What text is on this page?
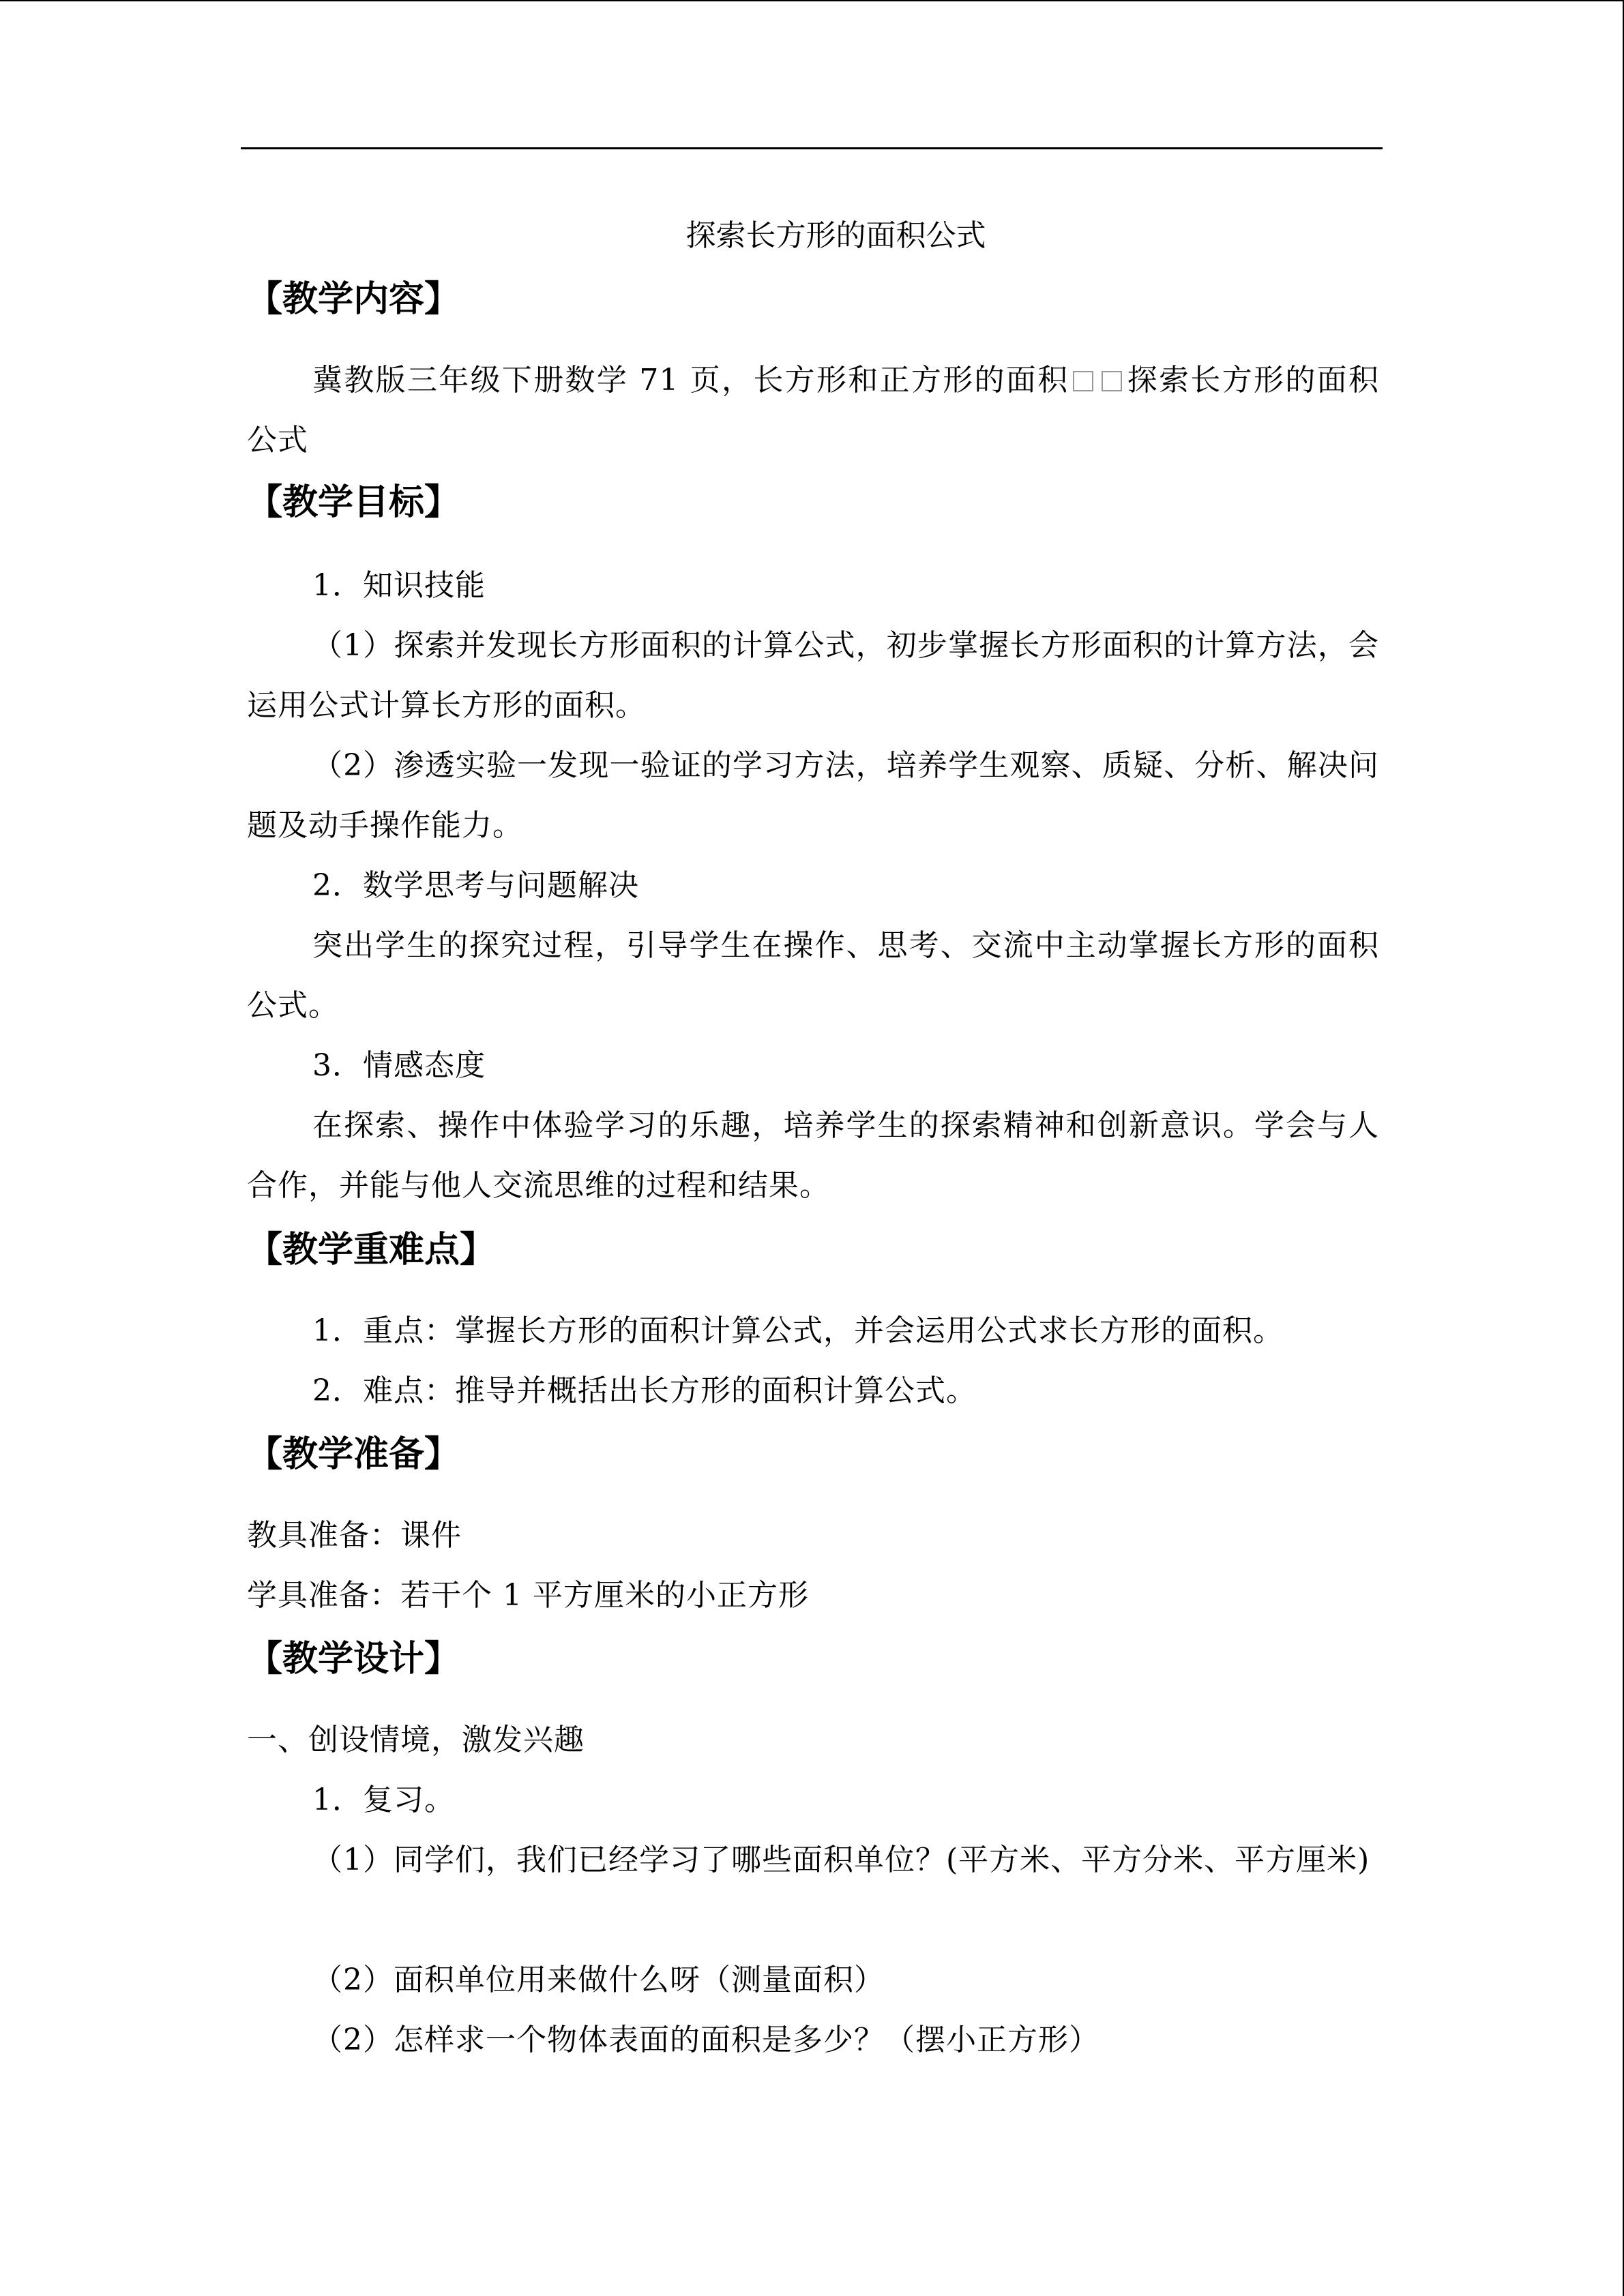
探索长方形的面积公式
【教学内容】
冀教版三年级下册数学 71 页，长方形和正方形的面积 探索长方形的面积公式
【教学目标】
1．知识技能
（1）探索并发现长方形面积的计算公式，初步掌握长方形面积的计算方法，会运用公式计算长方形的面积。
（2）渗透实验一发现一验证的学习方法，培养学生观察、质疑、分析、解决问题及动手操作能力。
2．数学思考与问题解决
突出学生的探究过程，引导学生在操作、思考、交流中主动掌握长方形的面积公式。
3．情感态度
在探索、操作中体验学习的乐趣，培养学生的探索精神和创新意识。学会与人合作，并能与他人交流思维的过程和结果。
【教学重难点】
1．重点：掌握长方形的面积计算公式，并会运用公式求长方形的面积。
2．难点：推导并概括出长方形的面积计算公式。
【教学准备】
教具准备：课件
学具准备：若干个 1 平方厘米的小正方形
【教学设计】
一、创设情境，激发兴趣
1．复习。
（1）同学们，我们已经学习了哪些面积单位？(平方米、平方分米、平方厘米)
（2）面积单位用来做什么呀（测量面积）
（2）怎样求一个物体表面的面积是多少？（摆小正方形）
